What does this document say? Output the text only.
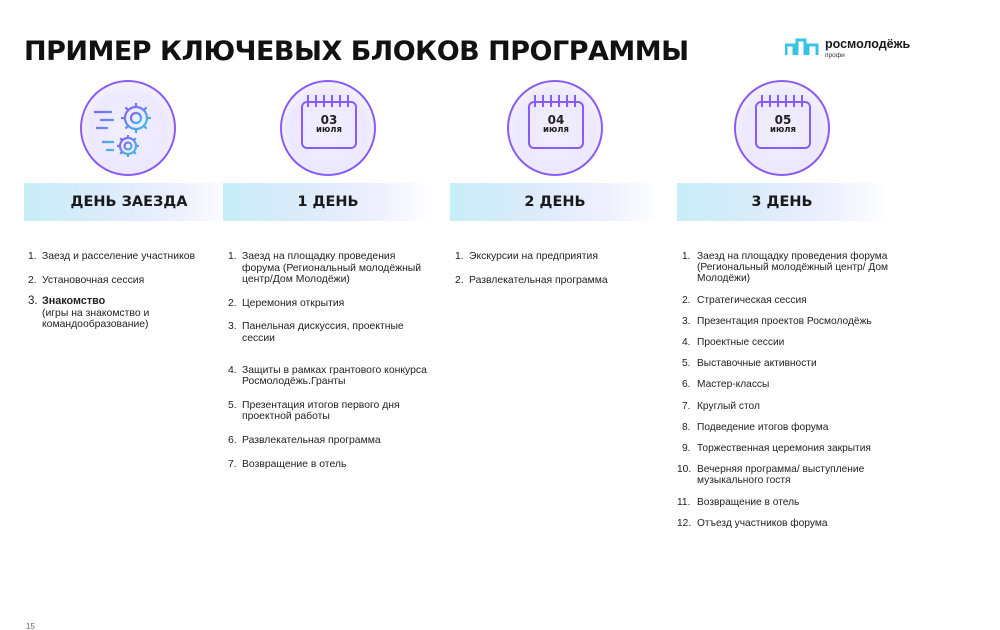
ПРИМЕР КЛЮЧЕВЫХ БЛОКОВ ПРОГРАММЫ	росмолодёжь
профи
ДЕНЬ ЗАЕЗДА
1. Заезд и расселение участников
2. Установочная сессия
3. Знакомство
(игры на знакомство и командообразование)
03
июля
1 ДЕНЬ
1. Заезд на площадку проведения форума (Региональный молодёжный центр/Дом Молодёжи)
2. Церемония открытия
3. Панельная дискуссия, проектные сессии
4. Защиты в рамках грантового конкурса Росмолодёжь.Гранты
5. Презентация итогов первого дня проектной работы
6. Развлекательная программа
7. Возвращение в отель
04
июля
2 ДЕНЬ
1. Экскурсии на предприятия
2. Развлекательная программа
05
июля
3 ДЕНЬ
1. Заезд на площадку проведения форума (Региональный молодёжный центр/ Дом Молодёжи)
2. Стратегическая сессия
3. Презентация проектов Росмолодёжь
4. Проектные сессии
5. Выставочные активности
6. Мастер-классы
7. Круглый стол
8. Подведение итогов форума
9. Торжественная церемония закрытия
10. Вечерняя программа/ выступление музыкального гостя
11. Возвращение в отель
12. Отъезд участников форума
15
